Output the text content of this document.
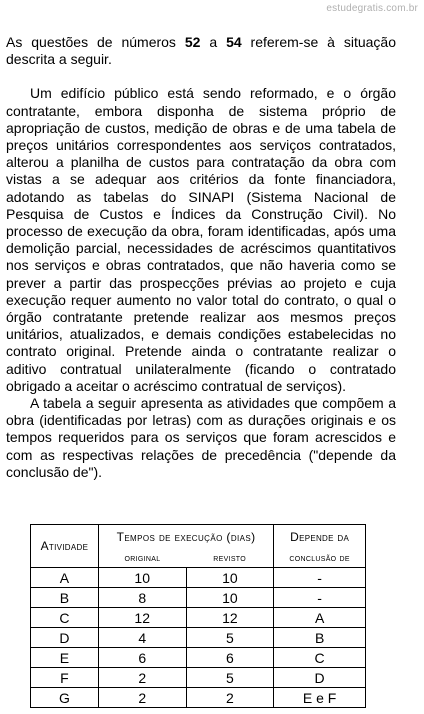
estudegratis.com.br

As questões de números 52 a 54 referem-se à situação descrita a seguir.

Um edifício público está sendo reformado, e o órgão contratante, embora disponha de sistema próprio de apropriação de custos, medição de obras e de uma tabela de preços unitários correspondentes aos serviços contratados, alterou a planilha de custos para contratação da obra com vistas a se adequar aos critérios da fonte financiadora, adotando as tabelas do SINAPI (Sistema Nacional de Pesquisa de Custos e Índices da Construção Civil). No processo de execução da obra, foram identificadas, após uma demolição parcial, necessidades de acréscimos quantitativos nos serviços e obras contratados, que não haveria como se prever a partir das prospecções prévias ao projeto e cuja execução requer aumento no valor total do contrato, o qual o órgão contratante pretende realizar aos mesmos preços unitários, atualizados, e demais condições estabelecidas no contrato original. Pretende ainda o contratante realizar o aditivo contratual unilateralmente (ficando o contratado obrigado a aceitar o acréscimo contratual de serviços).

A tabela a seguir apresenta as atividades que compõem a obra (identificadas por letras) com as durações originais e os tempos requeridos para os serviços que foram acrescidos e com as respectivas relações de precedência ("depende da conclusão de").

Atividade	Tempos de execução (dias)		Depende da
	original	revisto	conclusão de
A	10	10	-
B	8	10	-
C	12	12	A
D	4	5	B
E	6	6	C
F	2	5	D
G	2	2	E e F
